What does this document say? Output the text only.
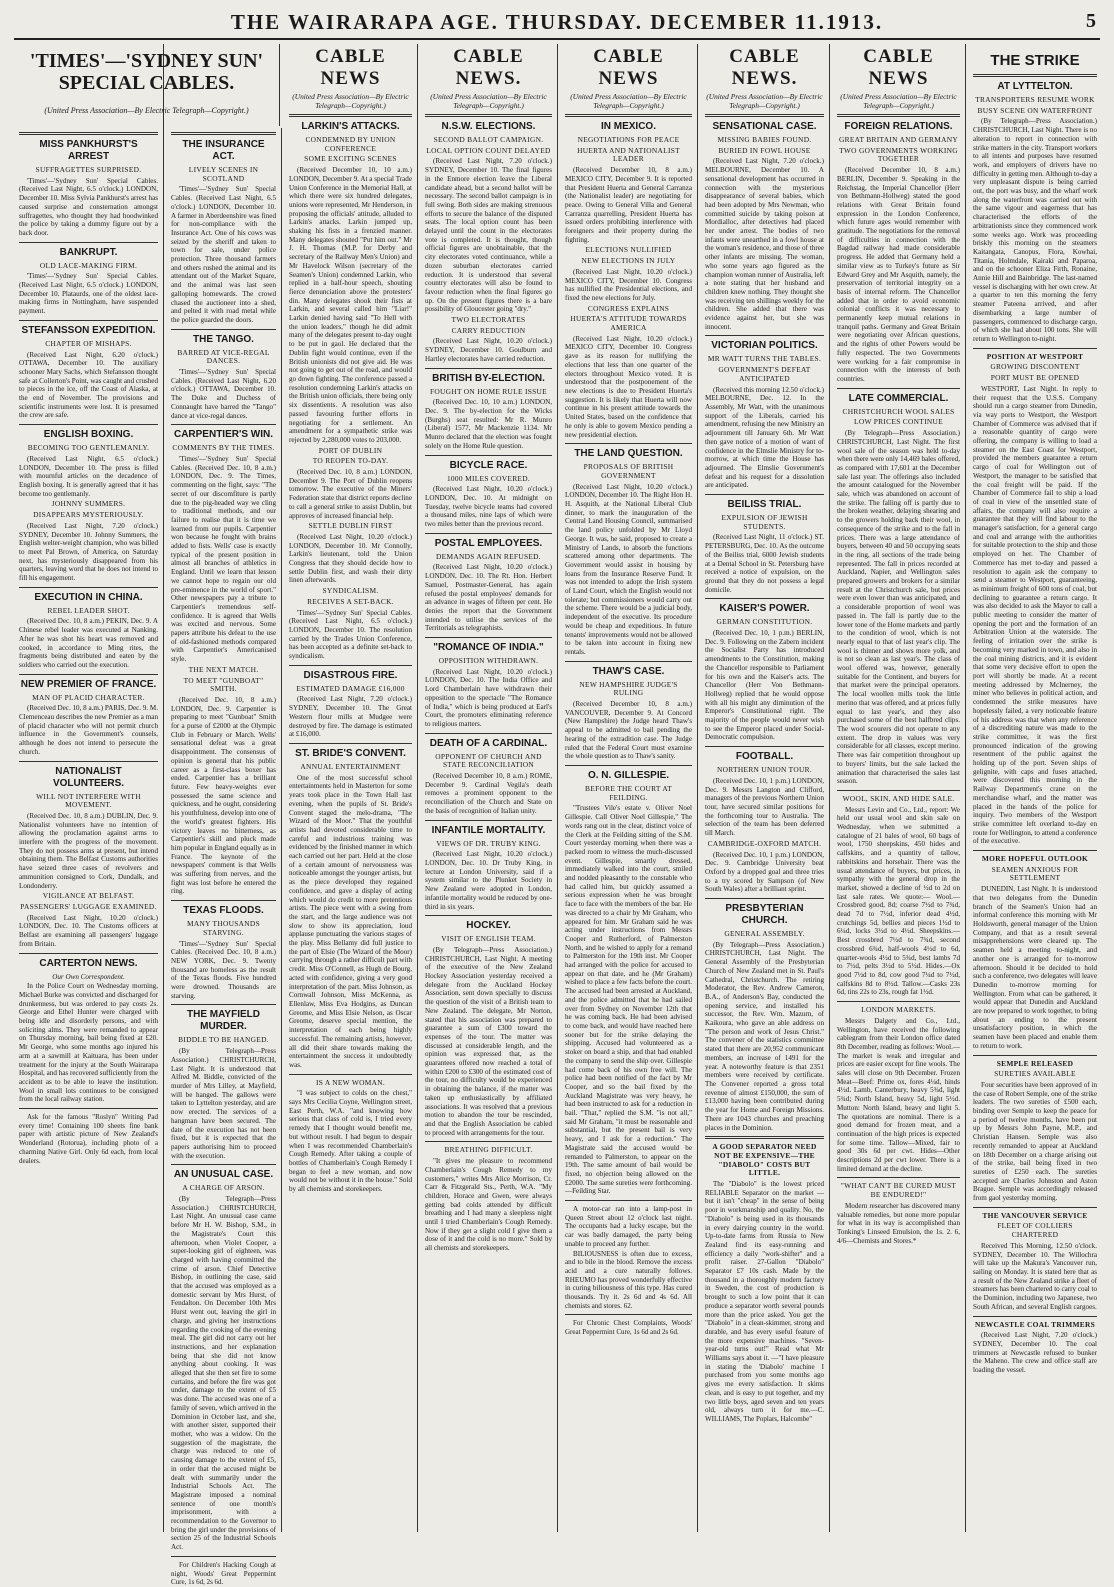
THE WAIRARAPA AGE. THURSDAY. DECEMBER 11.1913.	5
'TIMES'—'SYDNEY SUN'
SPECIAL CABLES.
(United Press Association—By Electric Telegraph—Copyright.)
MISS PANKHURST'S ARREST
SUFFRAGETTES SURPRISED.

'Times'—'Sydney Sun' Special Cables. (Received Last Night, 6.5 o'clock.) LONDON, December 10. Miss Sylvia Pankhurst's arrest has caused surprise and consternation amongst suffragettes, who thought they had hoodwinked the police by taking a dummy figure out by a back door.

BANKRUPT.
OLD LACE-MAKING FIRM.

'Times'—'Sydney Sun' Special Cables. (Received Last Night, 6.5 o'clock.) LONDON, December 10. Plataurds, one of the oldest lace-making firms in Nottingham, have suspended payment.

STEFANSSON EXPEDITION.
CHAPTER OF MISHAPS.

(Received Last Night, 6.20 o'clock.) OTTAWA, December 10. The auxiliary schooner Mary Sachs, which Stefansson thought safe at Collerton's Point, was caught and crushed to pieces in the ice, off the Coast of Alaska, at the end of November. The provisions and scientific instruments were lost. It is presumed the crew are safe.

ENGLISH BOXING.
BECOMING TOO GENTLEMANLY.

(Received Last Night, 6.5 o'clock.) LONDON, December 10. The press is filled with mournful articles on the decadence of English boxing. It is generally agreed that it has become too gentlemanly.

JOHNNY SUMMERS.
DISAPPEARS MYSTERIOUSLY.

(Received Last Night, 7.20 o'clock.) SYDNEY, December 10. Johnny Summers, the English welter-weight champion, who was billed to meet Pal Brown, of America, on Saturday next, has mysteriously disappeared from his quarters, leaving word that he does not intend to fill his engagement.

EXECUTION IN CHINA.
REBEL LEADER SHOT.

(Received Dec. 10, 8 a.m.) PEKIN, Dec. 9. A Chinese rebel leader was executed at Nanking. After he was shot his heart was removed and cooked, in accordance to Ming rites, the fragments being distributed and eaten by the soldiers who carried out the execution.

NEW PREMIER OF FRANCE.
MAN OF PLACID CHARACTER.

(Received Dec. 10, 8 a.m.) PARIS, Dec. 9. M. Clemenceau describes the new Premier as a man of placid character who will not permit church influence in the Government's counsels, although he does not intend to persecute the church.

NATIONALIST VOLUNTEERS.
WILL NOT INTERFERE WITH MOVEMENT.

(Received Dec. 10, 8 a.m.) DUBLIN, Dec. 9. Nationalist volunteers have no intention of allowing the proclamation against arms to interfere with the progress of the movement. They do not possess arms at present, but intend obtaining them. The Belfast Customs authorities have seized three cases of revolvers and ammunition consigned to Cork, Dundalk, and Londonderry.

VIGILANCE AT BELFAST.
PASSENGERS' LUGGAGE EXAMINED.

(Received Last Night, 10.20 o'clock.) LONDON, Dec. 10. The Customs officers at Belfast are examining all passengers' luggage from Britain.

CARTERTON NEWS.

Our Own Correspondent.

In the Police Court on Wednesday morning, Michael Burke was convicted and discharged for drunkenness, but was ordered to pay costs 2s. George and Ethel Hunter were charged with being idle and disorderly persons, and with soliciting alms. They were remanded to appear on Thursday morning, bail being fixed at £20. Mr George, who some months ago injured his arm at a sawmill at Kaituara, has been under treatment for the injury at the South Wairarapa Hospital, and has recovered sufficiently from the accident as to be able to leave the institution. Wool in small lots continues to be consigned from the local railway station.

Ask for the famous "Roslyn" Writing Pad every time! Containing 100 sheets fine bank paper with artistic picture of New Zealand's Wonderland (Rotorua), including photo of a charming Native Girl. Only 6d each, from local dealers.

THE INSURANCE ACT.
LIVELY SCENES IN SCOTLAND

'Times'—'Sydney Sun' Special Cables. (Received Last Night, 6.5 o'clock.) LONDON, December 10. A farmer in Aberdeenshire was fined for non-compliance with the Insurance Act. One of his cows was seized by the sheriff and taken to town for sale, under police protection. Three thousand farmers and others rushed the animal and its attendant out of the Market Square, and the animal was last seen galloping homewards. The crowd chased the auctioneer into a shed, and pelted it with road metal while the police guarded the doors.

THE TANGO.
BARRED AT VICE-REGAL DANCES.

'Times'—'Sydney Sun' Special Cables. (Received Last Night, 6.20 o'clock.) OTTAWA, December 10. The Duke and Duchess of Connaught have barred the "Tango" dance at vice-regal dances.

CARPENTIER'S WIN.
COMMENTS BY THE TIMES.

'Times'—'Sydney Sun' Special Cables. (Received Dec. 10, 8 a.m.) LONDON, Dec. 9. The Times, commenting on the fight, says: "The secret of our discomfiture is partly due to the pig-headed way we cling to traditional methods, and our failure to realise that it is time we learned from our pupils. Carpentier won because he fought with brains added to fists. Wells' case is exactly typical of the present position in almost all branches of athletics in England. Until we learn that lesson we cannot hope to regain our old pre-eminence in the world of sport." Other newspapers pay a tribute to Carpentier's tremendous self-confidence. It is agreed that Wells was excited and nervous. Some papers attribute his defeat to the use of old-fashioned methods compared with Carpentier's Americanised style.

THE NEXT MATCH.
TO MEET "GUNBOAT" SMITH.

(Received Dec. 10, 8 a.m.) LONDON, Dec. 9. Carpentier is preparing to meet "Gunboat" Smith for a purse of £2000 at the Olympic Club in February or March. Wells' sensational defeat was a great disappointment. The consensus of opinion is general that his public career as a first-class boxer has ended. Carpentier has a brilliant future. Few heavy-weights ever possessed the same science and quickness, and he ought, considering his youthfulness, develop into one of the world's greatest fighters. His victory leaves no bitterness, as Carpentier's skill and pluck made him popular in England equally as in France. The keynote of the newspapers' comment is that Wells was suffering from nerves, and the fight was lost before he entered the ring.

TEXAS FLOODS.
MANY THOUSANDS STARVING.

'Times'—'Sydney Sun' Special Cables. (Received Dec. 10, 8 a.m.) NEW YORK, Dec. 9. Twenty thousand are homeless as the result of the Texas floods. Five hundred were drowned. Thousands are starving.

THE MAYFIELD MURDER.
BIDDLE TO BE HANGED.

(By Telegraph—Press Association.) CHRISTCHURCH, Last Night. It is understood that Alfred M. Biddle, convicted of the murder of Mrs Lilley, at Mayfield, will be hanged. The gallows were taken to Lyttelton yesterday, and are now erected. The services of a hangman have been secured. The date of the execution has not been fixed, but it is expected that the papers authorising him to proceed with the execution.

AN UNUSUAL CASE.
A CHARGE OF ARSON.

(By Telegraph—Press Association.) CHRISTCHURCH, Last Night. An unusual case came before Mr H. W. Bishop, S.M., in the Magistrate's Court this afternoon, when Violet Cooper, a super-looking girl of eighteen, was charged with having committed the crime of arson. Chief Detective Bishop, in outlining the case, said that the accused was employed as a domestic servant by Mrs Hurst, of Fendalton. On December 10th Mrs Hurst went out, leaving the girl in charge, and giving her instructions regarding the cooking of the evening meal. The girl did not carry out her instructions, and her explanation being that she did not know anything about cooking. It was alleged that she then set fire to some curtains, and before the fire was got under, damage to the extent of £5 was done. The accused was one of a family of seven, which arrived in the Dominion in October last, and she, with another sister, supported their mother, who was a widow. On the suggestion of the magistrate, the charge was reduced to one of causing damage to the extent of £5, in order that the accused might be dealt with summarily under the Industrial Schools Act. The Magistrate imposed a nominal sentence of one month's imprisonment, with a recommendation to the Governor to bring the girl under the provisions of section 25 of the Industrial Schools Act.

For Children's Hacking Cough at night, Woods' Great Peppermint Cure, 1s 6d, 2s 6d.

CABLE NEWS
(United Press Association—By Electric Telegraph—Copyright.)
LARKIN'S ATTACKS.
CONDEMNED BY UNION CONFERENCE
SOME EXCITING SCENES

(Received December 10, 10 a.m.) LONDON, December 9. At a special Trade Union Conference in the Memorial Hall, at which there were six hundred delegates, unions were represented, Mr Henderson, in proposing the officials' attitude, alluded to Larkin's attacks. Larkin jumped up, shaking his fists in a frenzied manner. Many delegates shouted "Put him out." Mr J. H. Thomas (M.P. for Derby and secretary of the Railway Men's Union) and Mr Havelock Wilson (secretary of the Seamen's Union) condemned Larkin, who replied in a half-hour speech, shouting fierce denunciation above the protesters' din. Many delegates shook their fists at Larkin, and several called him "Liar!" Larkin denied having said "To Hell with the union leaders," though he did admit many of the delegates present to-day ought to be put in gaol. He declared that the Dublin fight would continue, even if the British unionists did not give aid. He was not going to get out of the road, and would go down fighting. The conference passed a resolution condemning Larkin's attacks on the British union officials, there being only six dissentients. A resolution was also passed favouring further efforts in negotiating for a settlement. An amendment for a sympathetic strike was rejected by 2,280,000 votes to 203,000.

PORT OF DUBLIN
TO REOPEN TO-DAY.

(Received Dec. 10, 8 a.m.) LONDON, December 9. The Port of Dublin reopens tomorrow. The executive of the Miners' Federation state that district reports decline to call a general strike to assist Dublin, but approves of increased financial help.

SETTLE DUBLIN FIRST

(Received Last Night, 10.20 o'clock.) LONDON, December 10. Mr Connolly, Larkin's lieutenant, told the Union Congress that they should decide how to settle Dublin first, and wash their dirty linen afterwards.

SYNDICALISM.
RECEIVES A SET-BACK.

'Times'—'Sydney Sun' Special Cables. (Received Last Night, 6.5 o'clock.) LONDON, December 10. The resolution carried by the Trades Union Conference, has been accepted as a definite set-back to syndicalism.

DISASTROUS FIRE.
ESTIMATED DAMAGE £16,000

(Received Last Night, 7.20 o'clock.) SYDNEY, December 10. The Great Western flour mills at Mudgee were destroyed by fire. The damage is estimated at £16,000.

ST. BRIDE'S CONVENT.
ANNUAL ENTERTAINMENT

One of the most successful school entertainments held in Masterton for some years took place in the Town Hall last evening, when the pupils of St. Bride's Convent staged the melo-drama, "The Wizard of the Moor." That the youthful artists had devoted considerable time to careful and industrious training was evidenced by the finished manner in which each carried out her part. Held at the close of a certain amount of nervousness was noticeable amongst the younger artists, but as the piece developed they regained confidence, and gave a display of acting which would do credit to more pretentious artists. The piece went with a swing from the start, and the large audience was not slow to show its appreciation, loud applause punctuating the various stages of the play. Miss Bellamy did full justice to the part of Elsie (The Wizard of the Moor) carrying through a rather difficult part with credit. Miss O'Connell, as Hugh de Bourg, acted with confidence, giving a very good interpretation of the part. Miss Johnson, as Cornwall Johnson, Miss McKenna, as Ellenlaw, Miss Eva Hodgins, as Duncan Greome, and Miss Elsie Nelson, as Oscar Greome, deserve special mention, the interpretation of each being highly successful. The remaining artists, however, all did their share towards making the entertainment the success it undoubtedly was.

IS A NEW WOMAN.

"I was subject to colds on the chest," says Mrs Cecilia Coyne, Wellington street, East Perth, W.A. "and knowing how serious that class of cold is, I tried every remedy that I thought would benefit me, but without result. I had begun to despair when I was recommended Chamberlain's Cough Remedy. After taking a couple of bottles of Chamberlain's Cough Remedy I began to feel a new woman, and now would not be without it in the house." Sold by all chemists and storekeepers.

CABLE NEWS.
(United Press Association—By Electric Telegraph—Copyright.)
N.S.W. ELECTIONS.
SECOND BALLOT CAMPAIGN.
LOCAL OPTION COUNT DELAYED

(Received Last Night, 7.20 o'clock.) SYDNEY, December 10. The final figures in the Enmore election leave the Liberal candidate ahead, but a second ballot will be necessary. The second ballot campaign is in full swing. Both sides are making strenuous efforts to secure the balance of the disputed seats. The local option count has been delayed until the count in the electorates vote is completed. It is thought, though official figures are unobtainable, that the city electorates voted continuance, while a dozen suburban electorates carried reduction. It is understood that several country electorates will also be found to favour reduction when the final figures go up. On the present figures there is a bare possibility of Gloucester going "dry."

TWO ELECTORATES
CARRY REDUCTION

(Received Last Night, 10.20 o'clock.) SYDNEY, December 10. Goulburn and Hartley electorates have carried reduction.

BRITISH BY-ELECTION.
FOUGHT ON HOME RULE ISSUE

(Received Dec. 10, 10 a.m.) LONDON, Dec. 9. The by-election for the Wicks (Burghs) seat resulted: Mr R. Munro (Liberal) 1577, Mr Mackenzie 1134. Mr Munro declared that the election was fought solely on the Home Rule question.

BICYCLE RACE.
1000 MILES COVERED.

(Received Last Night, 10.20 o'clock.) LONDON, Dec. 10. At midnight on Tuesday, twelve bicycle teams had covered a thousand miles, nine laps of which were two miles better than the previous record.

POSTAL EMPLOYEES.
DEMANDS AGAIN REFUSED.

(Received Last Night, 10.20 o'clock.) LONDON, Dec. 10. The Rt. Hon. Herbert Samuel, Postmaster-General, has again refused the postal employees' demands for an advance in wages of fifteen per cent. He denies the report that the Government intended to utilise the services of the Territorials as telegraphists.

"ROMANCE OF INDIA."
OPPOSITION WITHDRAWN.

(Received Last Night, 10.20 o'clock.) LONDON, Dec. 10. The India Office and Lord Chamberlain have withdrawn their opposition to the spectacle "The Romance of India," which is being produced at Earl's Court, the promoters eliminating reference to religious matters.

DEATH OF A CARDINAL.
OPPONENT OF CHURCH AND STATE RECONCILIATION

(Received December 10, 8 a.m.) ROME, December 9. Cardinal Vegila's death removes a prominent opponent to the reconciliation of the Church and State on the basis of recognition of Italian unity.

INFANTILE MORTALITY.
VIEWS OF DR. TRUBY KING.

(Received Last Night, 10.20 o'clock.) LONDON, Dec. 10. Dr Truby King, in lecture at London University, said if a system similar to the Plunket Society in New Zealand were adopted in London, infantile mortality would be reduced by one-third in six years.

HOCKEY.
VISIT OF ENGLISH TEAM.

(By Telegraph—Press Association.) CHRISTCHURCH, Last Night. A meeting of the executive of the New Zealand Hockey Association yesterday received a delegate from the Auckland Hockey Association, sent down specially to discuss the question of the visit of a British team to New Zealand. The delegate, Mr Norton, stated that his association was prepared to guarantee a sum of £300 toward the expenses of the tour. The matter was discussed at considerable length, and the opinion was expressed that, as the guarantees offered now reached a total of within £200 to £300 of the estimated cost of the tour, no difficulty would be experienced in obtaining the balance, if the matter was taken up enthusiastically by affiliated associations. It was resolved that a previous motion to abandon the tour be rescinded, and that the English Association be cabled to proceed with arrangements for the tour.

BREATHING DIFFICULT.

"It gives me pleasure to recommend Chamberlain's Cough Remedy to my customers," writes Mrs Alice Morrison, Cr. Carr & Fitzgerald Sts., Perth, W.A. "My children, Horace and Gwen, were always getting bad colds attended by difficult breathing and I had many a sleepless night until I tried Chamberlain's Cough Remedy. Now if they get a slight cold I give them a dose of it and the cold is no more." Sold by all chemists and storekeepers.

CABLE NEWS
(United Press Association—By Electric Telegraph—Copyright.)
IN MEXICO.
NEGOTIATIONS FOR PEACE
HUERTA AND NATIONALIST LEADER

(Received December 10, 8 a.m.) MEXICO CITY, December 9. It is reported that President Huerta and General Carranza (the Nationalist leader) are negotiating for peace. Owing to General Villa and General Carranza quarrelling, President Huerta has issued orders prohibiting interference with foreigners and their property during the fighting.

ELECTIONS NULLIFIED
NEW ELECTIONS IN JULY

(Received Last Night, 10.20 o'clock.) MEXICO CITY, December 10. Congress has nullified the Presidential elections, and fixed the new elections for July.

CONGRESS EXPLAINS
HUERTA'S ATTITUDE TOWARDS AMERICA

(Received Last Night, 10.20 o'clock.) MEXICO CITY, December 10. Congress gave as its reason for nullifying the elections that less than one quarter of the electors throughout Mexico voted. It is understood that the postponement of the new elections is due to President Huerta's suggestion. It is likely that Huerta will now continue in his present attitude towards the United States, based on the confidence that he only is able to govern Mexico pending a new presidential election.

THE LAND QUESTION.
PROPOSALS OF BRITISH GOVERNMENT

(Received Last Night, 10.20 o'clock.) LONDON, December 10. The Right Hon H. H. Asquith, at the National Liberal Club dinner, to mark the inauguration of the Central Land Housing Council, summarised the land policy unfolded by Mr Lloyd George. It was, he said, proposed to create a Ministry of Lands, to absorb the functions scattered among other departments. The Government would assist in housing by loans from the Insurance Reserve Fund. It was not intended to adopt the Irish system of Land Court, which the English would not tolerate; but commissioners would carry out the scheme. There would be a judicial body, independent of the executive. Its procedure would be cheap and expeditious. In future tenants' improvements would not be allowed to be taken into account in fixing new rentals.

THAW'S CASE.
NEW HAMPSHIRE JUDGE'S RULING

(Received December 10, 8 a.m.) VANCOUVER, December 9. At Concord (New Hampshire) the Judge heard Thaw's appeal to be admitted to bail pending the hearing of the extradition case. The Judge ruled that the Federal Court must examine the whole question as to Thaw's sanity.

O. N. GILLESPIE.
BEFORE THE COURT AT FEILDING.

"Trustees Vile's estate v. Oliver Noel Gillespie. Call Oliver Noel Gillespie," The words rang out in the clear, distinct voice of the Clerk at the Feilding sitting of the S.M. Court yesterday morning when there was a packed room to witness the much-discussed event. Gillespie, smartly dressed, immediately walked into the court, smiled and nodded pleasantly to the constable who had called him, but quickly assumed a serious expression when he was brought face to face with the members of the bar. He was directed to a chair by Mr Graham, who appeared for him. Mr Graham said he was acting under instructions from Messrs Cooper and Rutherford, of Palmerston North, and he wished to apply for a remand to Palmerston for the 19th inst. Mr Cooper had arranged with the police for accused to appear on that date, and he (Mr Graham) wished to place a few facts before the court. The accused had been arrested at Auckland, and the police admitted that he had sailed over from Sydney on November 12th that he was coming back. He had been advised to come back, and would have reached here sooner but for the strike delaying the shipping. Accused had volunteered as a stoker on board a ship, and that had enabled the company to send the ship over. Gillespie had come back of his own free will. The police had been notified of the fact by Mr Cooper, and so the bail fixed by the Auckland Magistrate was very heavy, he had been instructed to ask for a reduction in bail. "That," replied the S.M. "is not all," said Mr Graham, "it must be reasonable and substantial, but the present bail is very heavy, and I ask for a reduction." The Magistrate said the accused would be remanded to Palmerston, to appear on the 19th. The same amount of bail would be fixed, no objection being allowed on the £2000. The same sureties were forthcoming.—Feilding Star.

A motor-car ran into a lamp-post in Queen Street about 12 o'clock last night. The occupants had a lucky escape, but the car was badly damaged, the party being unable to proceed any further.

BILIOUSNESS is often due to excess, and to bile in the blood. Remove the excess acid and a cure naturally follows. RHEUMO has proved wonderfully effective in curing biliousness of this type. Has cured thousands. Try it. 2s 6d and 4s 6d. All chemists and stores. 62.

For Chronic Chest Complaints, Woods' Great Peppermint Cure, 1s 6d and 2s 6d.

CABLE NEWS.
(United Press Association—By Electric Telegraph—Copyright.)
SENSATIONAL CASE.
MISSING BABIES FOUND.
BURIED IN FOWL HOUSE

(Received Last Night, 7.20 o'clock.) MELBOURNE, December 10. A sensational development has occurred in connection with the mysterious disappearance of several babies, which had been adopted by Mrs Newman, who committed suicide by taking poison at Mordialloc, after detectives had placed her under arrest. The bodies of two infants were unearthed in a fowl house at the woman's residence, and those of three other infants are missing. The woman, who some years ago figured as the champion woman runner of Australia, left a note stating that her husband and children knew nothing. They thought she was receiving ten shillings weekly for the children. She added that there was evidence against her, but she was innocent.

VICTORIAN POLITICS.
MR WATT TURNS THE TABLES.
GOVERNMENT'S DEFEAT ANTICIPATED

(Received this morning 12.50 o'clock.) MELBOURNE, Dec. 12. In the Assembly, Mr Watt, with the unanimous support of the Liberals, carried his amendment, refusing the new Ministry an adjournment till January 6th. Mr Watt then gave notice of a motion of want of confidence in the Elmslie Ministry for to-morrow, at which time the House has adjourned. The Elmslie Government's defeat and his request for a dissolution are anticipated.

BEILISS TRIAL.
EXPULSION OF JEWISH STUDENTS.

(Received Last Night, 11 o'clock.) ST. PETERSBURG, Dec. 10. As the outcome of the Beiliss trial, 6000 Jewish students at a Dental School in St. Petersburg have received a notice of expulsion, on the ground that they do not possess a legal domicile.

KAISER'S POWER.
GERMAN CONSTITUTION.

(Received Dec. 10, 1 p.m.) BERLIN, Dec. 9. Following on the Zabern incident the Socialist Party has introduced amendments to the Constitution, making the Chancellor responsible to Parliament for his own and the Kaiser's acts. The Chancellor (Herr Von Bethmann-Hollweg) replied that he would oppose with all his might any diminution of the Emperor's Constitutional right. The majority of the people would never wish to see the Emperor placed under Social-Democratic compulsion.

FOOTBALL.
NORTHERN UNION TOUR.

(Received Dec. 10, 1 p.m.) LONDON, Dec. 9. Messrs Langton and Clifford, managers of the previous Northern Union tour, have secured similar positions for the forthcoming tour to Australia. The selection of the team has been deferred till March.

CAMBRIDGE-OXFORD MATCH.

(Received Dec. 10, 1 p.m.) LONDON, Dec. 9. Cambridge University beat Oxford by a dropped goal and three tries to a try scored by Sampson (of New South Wales) after a brilliant sprint.

PRESBYTERIAN CHURCH.
GENERAL ASSEMBLY.

(By Telegraph—Press Association.) CHRISTCHURCH, Last Night. The General Assembly of the Presbyterian Church of New Zealand met in St. Paul's Cathedral, Christchurch. The retiring Moderator, the Rev. Andrew Cameron, B.A., of Anderson's Bay, conducted the opening service, and installed his successor, the Rev. Wm. Mazurn, of Kaikoura, who gave an able address on "The person and work of Jesus Christ." The convener of the statistics committee stated that there are 20,952 communicant members, an increase of 1491 for the year. A noteworthy feature is that 2351 members were received by certificate. The Convener reported a gross total revenue of almost £150,000, the sum of £13,000 having been contributed during the year for Home and Foreign Missions. There are 1043 churches and preaching places in the Dominion.

A GOOD SEPARATOR NEED NOT BE EXPENSIVE—THE "DIABOLO" COSTS BUT LITTLE.

The "Diabolo" is the lowest priced RELIABLE Separator on the market —but it isn't "cheap" in the sense of being poor in workmanship and quality. No, the "Diabolo" is being used in its thousands in every dairying country in the world. Up-to-date farms from Russia to New Zealand find its easy-running and efficiency a daily "work-shifter" and a profit raiser. 27-Gallon "Diabolo" Separator £7 10s cash. Made by the thousand in a thoroughly modern factory in Sweden, the cost of production is brought to such a low point that it can produce a separator worth several pounds more than the price asked. You get the "Diabolo" in a clean-skimmer, strong and durable, and has every useful feature of the more expensive machines. "Seven-year-old turns out!" Read what Mr Williams says about it. —"I have pleasure in stating the 'Diabolo' machine I purchased from you some months ago gives me every satisfaction. It skims clean, and is easy to put together, and my two little boys, aged seven and ten years old, always turn it for me.—C. WILLIAMS, The Poplars, Halcombe"

CABLE NEWS
(United Press Association—By Electric Telegraph—Copyright.)
FOREIGN RELATIONS.
GREAT BRITAIN AND GERMANY
TWO GOVERNMENTS WORKING TOGETHER

(Received December 10, 8 a.m.) BERLIN, December 9. Speaking in the Reichstag, the Imperial Chancellor (Herr von Bethmann-Hollweg) stated the good relations with Great Britain found expression in the London Conference, which future ages would remember with gratitude. The negotiations for the removal of difficulties in connection with the Bagdad railway had made considerable progress. He added that Germany held a similar view as to Turkey's future as Sir Edward Grey and Mr Asquith, namely, the preservation of territorial integrity on a basis of internal reform. The Chancellor added that in order to avoid economic colonial conflicts it was necessary to permanently keep mutual relations in tranquil paths. Germany and Great Britain were negotiating over African questions, and the rights of other Powers would be fully respected. The two Governments were working for a fair compromise in connection with the interests of both countries.

LATE COMMERCIAL.
CHRISTCHURCH WOOL SALES
LOW PRICES CONTINUE

(By Telegraph—Press Association.) CHRISTCHURCH, Last Night. The first wool sale of the season was held to-day when there were only 14,469 bales offered, as compared with 17,601 at the December sale last year. The offerings also included the amount catalogued for the November sale, which was abandoned on account of the strike. The falling off is partly due to the broken weather, delaying shearing and to the growers holding back their wool, in consequence of the strike and to the fall in prices. There was a large attendance of buyers, between 40 and 50 occupying seats in the ring, all sections of the trade being represented. The fall in prices recorded at Auckland, Napier, and Wellington sales prepared growers and brokers for a similar result at the Christchurch sale, but prices were even lower than was anticipated, and a considerable proportion of wool was passed in. The fall is partly due to the lower tone of the Home markets and partly to the condition of wool, which is not nearly equal to that of last year's clip. The wool is thinner and shows more yolk, and is not so clean as last year's. The class of wool offered was, however, generally suitable for the Continent, and buyers for that market were the principal operators. The local woollen mills took the little merino that was offered, and at prices fully equal to last year's, and they also purchased some of the best halfbred clips. The wool scourers did not operate to any extent. The drop in values was very considerable for all classes, except merino. There was fair competition throughout up to buyers' limits, but the sale lacked the animation that characterised the sales last season.

WOOL, SKIN, AND HIDE SALE.

Messrs Levin and Co., Ltd., report: We held our usual wool and skin sale on Wednesday, when we submitted a catalogue of 21 bales of wool, 60 bags of wool, 1750 sheepskins, 450 hides and calfskins, and a quantity of tallow, rabbitskins and horsehair. There was the usual attendance of buyers, but prices, in sympathy with the general drop in the market, showed a decline of ½d to 2d on last sale rates. We quote:— Wool.—Crossbred good, 8d; coarse 7½d to 7¾d, dead 7d to 7½d, inferior dead 4½d, crutchings 5d, bellies and pieces 1½d to 6¼d, locks 3½d to 4½d. Sheepskins.—Best crossbred 7½d to 7¾d, second crossbred 6¾d, half-wools 4½d to 6d, quarter-wools 4½d to 5¾d, best lambs 7d to 7½d, pelts 3½d to 5½d. Hides.—Ox good 7½d to 8d, cow good 7¼d to 7½d, calfskins 8d to 8½d. Tallow.—Casks 23s 6d, tins 22s to 23s, rough fat 1½d.

LONDON MARKETS.

Messrs Dalgety and Co., Ltd., Wellington, have received the following cablegram from their London office dated 8th December, reading as follows: Wool.—The market is weak and irregular and prices are easier except for fine wools. The sales will close on 9th December. Frozen Meat—Beef: Prime ox, fores 4¼d, hinds 4½d. Lamb, Canterbury, heavy 5¾d, light 5¾d; North Island, heavy 5d, light 5½d. Mutton: North Island, heavy and light 5. The quotations are nominal. There is a good demand for frozen meat, and a continuation of the high prices is expected for some time. Tallow—Mixed, fair to good 30s 6d per cwt. Hides—Other descriptions 2d per cwt lower. There is a limited demand at the decline.

"WHAT CAN'T BE CURED MUST BE ENDURED!"

Modern researcher has discovered many valuable remedies, but none more popular for what in its way is accomplished than Tonking's Linseed Emulsion, the 1s. 2. 6, 4/6—Chemists and Stores.*

THE STRIKE
AT LYTTELTON.
TRANSPORTERS RESUME WORK
BUSY SCENE ON WATERFRONT

(By Telegraph—Press Association.) CHRISTCHURCH, Last Night. There is no alteration to report in connection with strike matters in the city. Transport workers to all intents and purposes have resumed work, and employers of drivers have no difficulty in getting men. Although to-day a very unpleasant dispute is being carried out, the port was busy, and the wharf work along the waterfront was carried out with the same vigour and eagerness that has characterised the efforts of the arbitrationists since they commenced work some weeks ago. Work was proceeding briskly this morning on the steamers Kaitangata, Canopus, Flora, Kowhai, Titania, Holmdale, Kairaki and Paparoa, and on the schooner Eliza Firth, Ronaine, Annie Hill and Bainbridge. The last-named vessel is discharging with her own crew. At a quarter to ten this morning the ferry steamer Pateena arrived, and after disembarking a large number of passengers, commenced to discharge cargo, of which she had about 100 tons. She will return to Wellington to-night.

POSITION AT WESTPORT
GROWING DISCONTENT
PORT MUST BE OPENED

WESTPORT, Last Night. In reply to their request that the U.S.S. Company should run a cargo steamer from Dunedin, via way ports to Westport, the Westport Chamber of Commerce was advised that if a reasonable quantity of cargo were offering, the company is willing to load a steamer on the East Coast for Westport, provided the members guarantee a return cargo of coal for Wellington out of Westport, the manager to be satisfied that the coal freight will be paid. If the Chamber of Commerce fail to ship a load of coal in view of the unsettled state of affairs, the company will also require a guarantee that they will find labour to the manager's satisfaction, for a general cargo and coal and arrange with the authorities for suitable protection to the ship and those employed on her. The Chamber of Commerce has met to-day and passed a resolution to again ask the company to send a steamer to Westport, guaranteeing, as minimum freight of 600 tons of coal, but declining to guarantee a return cargo. It was also decided to ask the Mayor to call a public meeting to consider the matter of opening the port and the formation of an Arbitration Union at the waterside. The feeling of irritation over the strike is becoming very marked in town, and also in the coal mining districts, and it is evident that some very decisive effort to open the port will shortly be made. At a recent meeting addressed by McInerney, the miner who believes in political action, and condemned the strike measures have hopelessly failed, a very noticeable feature of his address was that when any reference of a discrediting nature was made to the strike committee, it was the first pronounced indication of the growing resentment of the public against the holding up of the port. Seven ships of gelignite, with caps and fuses attached, were discovered this morning in the Railway Department's crane on the merchandise wharf, and the matter was placed in the hands of the police for inquiry. Two members of the Westport strike committee left overland to-day en route for Wellington, to attend a conference of the executive.

MORE HOPEFUL OUTLOOK
SEAMEN ANXIOUS FOR SETTLEMENT

DUNEDIN, Last Night. It is understood that two delegates from the Dunedin branch of the Seamen's Union had an informal conference this morning with Mr Holdsworth, general manager of the Union Company, and that as a result several misapprehensions were cleared up. The seamen held a meeting to-night, and another one is arranged for to-morrow afternoon. Should it be decided to hold such a conference, two delegates will leave Dunedin to-morrow morning for Wellington. From what can be gathered, it would appear that Dunedin and Auckland are now prepared to work together, to bring about an ending to the present unsatisfactory position, in which the seamen have been placed and enable them to return to work.

SEMPLE RELEASED
SURETIES AVAILABLE

Four securities have been approved of in the case of Robert Semple, one of the strike leaders. The two sureties of £500 each, binding over Semple to keep the peace for a period of twelve months, have been put up by Messrs John Payne, M.P., and Christian Hansen. Semple was also recently remanded to appear at Auckland on 18th December on a charge arising out of the strike, bail being fixed in two sureties of £250 each. The sureties accepted are Charles Johnston and Aston Brague. Semple was accordingly released from gaol yesterday morning.

THE VANCOUVER SERVICE
FLEET OF COLLIERS CHARTERED

Received This Morning, 12.50 o'clock. SYDNEY, December 10. The Willochra will take up the Makura's Vancouver run, sailing on Monday. It is stated here that as a result of the New Zealand strike a fleet of steamers has been chartered to carry coal to the Dominion, including two Japanese, two South African, and several English cargoes.

NEWCASTLE COAL TRIMMERS

(Received Last Night, 7.20 o'clock.) SYDNEY, December 10. The coal trimmers at Newcastle refused to bunker the Maheno. The crew and office staff are loading the vessel.
